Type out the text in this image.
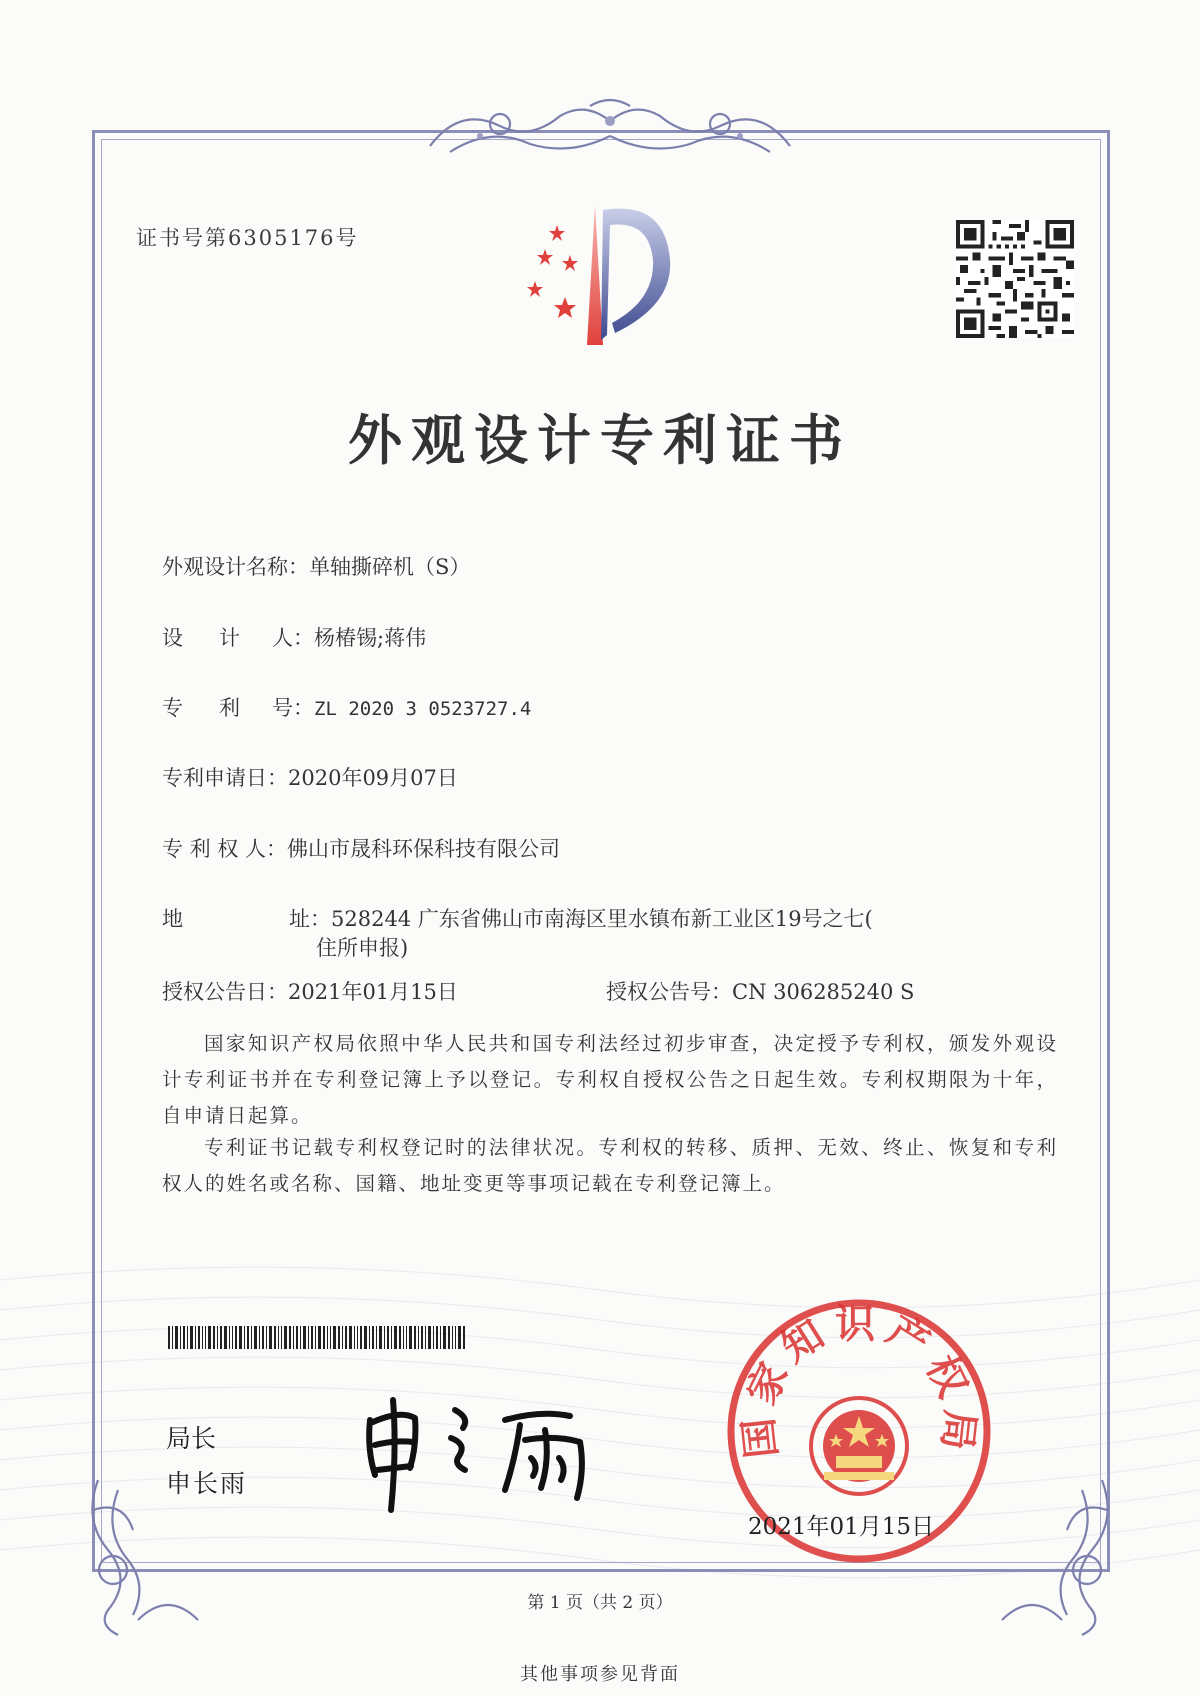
证书号第6305176号
外观设计专利证书
外观设计名称：单轴撕碎机（S）
设 计 人：杨椿锡;蒋伟
专 利 号：ZL 2020 3 0523727.4
专利申请日：2020年09月07日
专 利 权 人：佛山市晟科环保科技有限公司
地	址：528244 广东省佛山市南海区里水镇布新工业区19号之七(
住所申报)
授权公告日：2021年01月15日	授权公告号：CN 306285240 S
国家知识产权局依照中华人民共和国专利法经过初步审查，决定授予专利权，颁发外观设计专利证书并在专利登记簿上予以登记。专利权自授权公告之日起生效。专利权期限为十年，自申请日起算。
专利证书记载专利权登记时的法律状况。专利权的转移、质押、无效、终止、恢复和专利权人的姓名或名称、国籍、地址变更等事项记载在专利登记簿上。
局长
申长雨
国家知识产权局
2021年01月15日
第 1 页（共 2 页）
其他事项参见背面
